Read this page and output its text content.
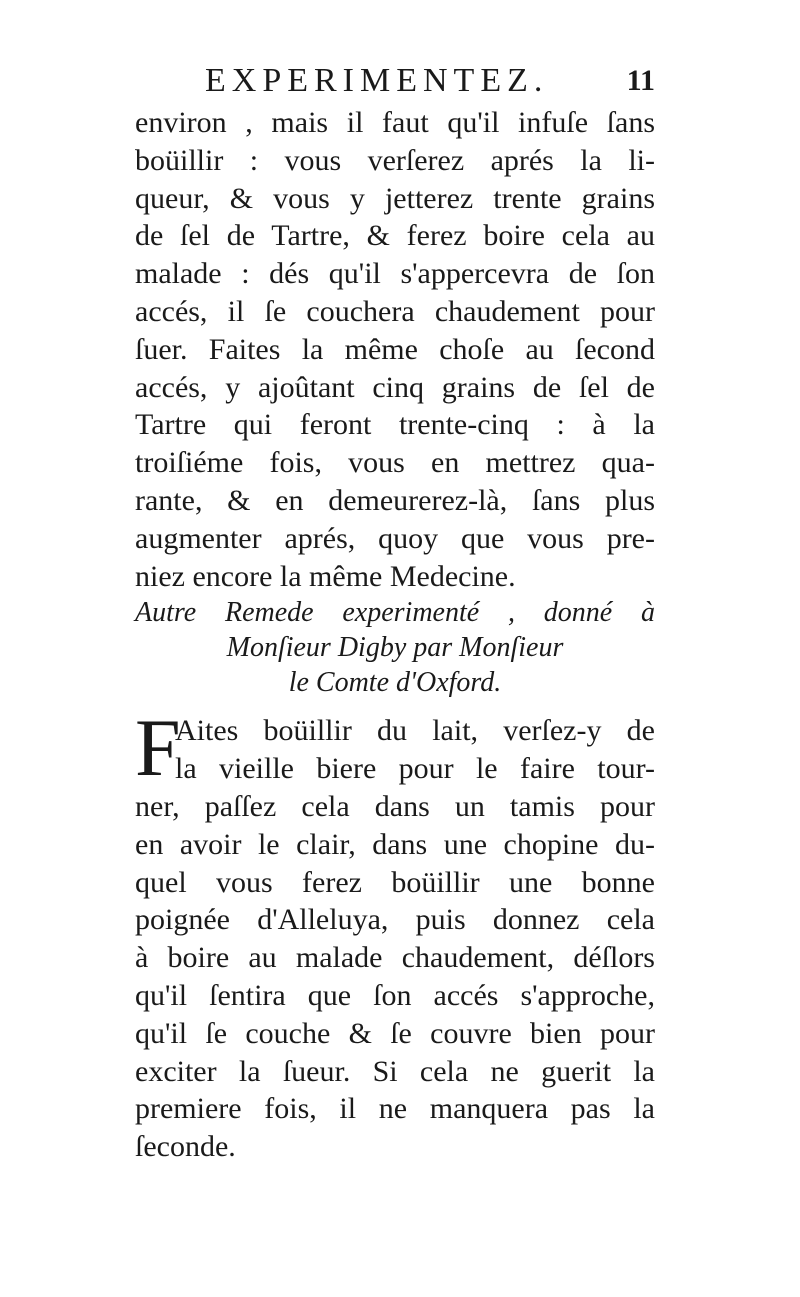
EXPERIMENTEZ.	11
environ , mais il faut qu'il infuſe ſans
boüillir : vous verſerez aprés la li-
queur, & vous y jetterez trente grains
de ſel de Tartre, & ferez boire cela au
malade : dés qu'il s'appercevra de ſon
accés, il ſe couchera chaudement pour
ſuer. Faites la même choſe au ſecond
accés, y ajoûtant cinq grains de ſel de
Tartre qui feront trente-cinq : à la
troiſiéme fois, vous en mettrez qua-
rante, & en demeurerez-là, ſans plus
augmenter aprés, quoy que vous pre-
niez encore la même Medecine.
Autre Remede experimenté , donné à
Monſieur Digby par Monſieur
le Comte d'Oxford.
F
Aites boüillir du lait, verſez-y de
la vieille biere pour le faire tour-
ner, paſſez cela dans un tamis pour
en avoir le clair, dans une chopine du-
quel vous ferez boüillir une bonne
poignée d'Alleluya, puis donnez cela
à boire au malade chaudement, déſlors
qu'il ſentira que ſon accés s'approche,
qu'il ſe couche & ſe couvre bien pour
exciter la ſueur. Si cela ne guerit la
premiere fois, il ne manquera pas la
ſeconde.
